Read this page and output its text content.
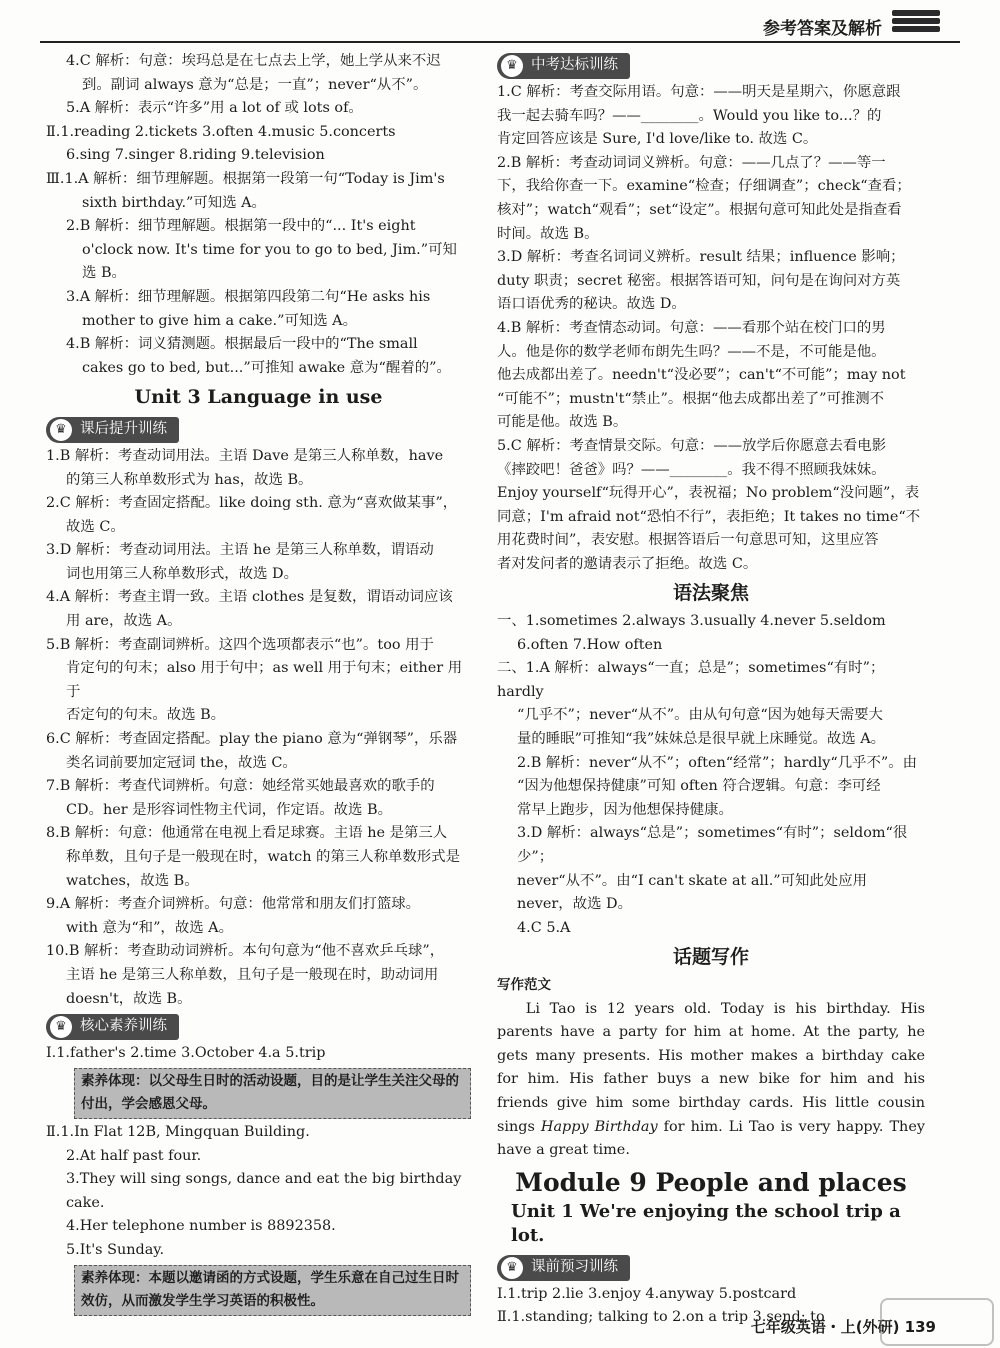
参考答案及解析

4.C 解析：句意：埃玛总是在七点去上学，她上学从来不迟

到。副词 always 意为“总是；一直”；never“从不”。

5.A 解析：表示“许多”用 a lot of 或 lots of。

Ⅱ.1.reading 2.tickets 3.often 4.music 5.concerts

6.sing 7.singer 8.riding 9.television

Ⅲ.1.A 解析：细节理解题。根据第一段第一句“Today is Jim's

sixth birthday.”可知选 A。

2.B 解析：细节理解题。根据第一段中的“... It's eight

o'clock now. It's time for you to go to bed, Jim.”可知

选 B。

3.A 解析：细节理解题。根据第四段第二句“He asks his

mother to give him a cake.”可知选 A。

4.B 解析：词义猜测题。根据最后一段中的“The small

cakes go to bed, but...”可推知 awake 意为“醒着的”。

Unit 3 Language in use
♛ 课后提升训练

1.B 解析：考查动词用法。主语 Dave 是第三人称单数，have

的第三人称单数形式为 has，故选 B。

2.C 解析：考查固定搭配。like doing sth. 意为“喜欢做某事”，

故选 C。

3.D 解析：考查动词用法。主语 he 是第三人称单数，谓语动

词也用第三人称单数形式，故选 D。

4.A 解析：考查主谓一致。主语 clothes 是复数，谓语动词应该

用 are，故选 A。

5.B 解析：考查副词辨析。这四个选项都表示“也”。too 用于

肯定句的句末；also 用于句中；as well 用于句末；either 用于

否定句的句末。故选 B。

6.C 解析：考查固定搭配。play the piano 意为“弹钢琴”，乐器

类名词前要加定冠词 the，故选 C。

7.B 解析：考查代词辨析。句意：她经常买她最喜欢的歌手的

CD。her 是形容词性物主代词，作定语。故选 B。

8.B 解析：句意：他通常在电视上看足球赛。主语 he 是第三人

称单数，且句子是一般现在时，watch 的第三人称单数形式是

watches，故选 B。

9.A 解析：考查介词辨析。句意：他常常和朋友们打篮球。

with 意为“和”，故选 A。

10.B 解析：考查助动词辨析。本句句意为“他不喜欢乒乓球”，

主语 he 是第三人称单数，且句子是一般现在时，助动词用

doesn't，故选 B。

♛ 核心素养训练

Ⅰ.1.father's 2.time 3.October 4.a 5.trip

素养体现：以父母生日时的活动设题，目的是让学生关注父母的付出，学会感恩父母。

Ⅱ.1.In Flat 12B, Mingquan Building.

2.At half past four.

3.They will sing songs, dance and eat the big birthday cake.

4.Her telephone number is 8892358.

5.It's Sunday.

素养体现：本题以邀请函的方式设题，学生乐意在自己过生日时效仿，从而激发学生学习英语的积极性。
♛ 中考达标训练

1.C 解析：考查交际用语。句意：——明天是星期六，你愿意跟

我一起去骑车吗？——________。Would you like to...？的

肯定回答应该是 Sure, I'd love/like to. 故选 C。

2.B 解析：考查动词词义辨析。句意：——几点了？——等一

下，我给你查一下。examine“检查；仔细调查”；check“查看；

核对”；watch“观看”；set“设定”。根据句意可知此处是指查看

时间。故选 B。

3.D 解析：考查名词词义辨析。result 结果；influence 影响；

duty 职责；secret 秘密。根据答语可知，问句是在询问对方英

语口语优秀的秘诀。故选 D。

4.B 解析：考查情态动词。句意：——看那个站在校门口的男

人。他是你的数学老师布朗先生吗？——不是，不可能是他。

他去成都出差了。needn't“没必要”；can't“不可能”；may not

“可能不”；mustn't“禁止”。根据“他去成都出差了”可推测不

可能是他。故选 B。

5.C 解析：考查情景交际。句意：——放学后你愿意去看电影

《摔跤吧！爸爸》吗？——________。我不得不照顾我妹妹。

Enjoy yourself“玩得开心”，表祝福；No problem“没问题”，表

同意；I'm afraid not“恐怕不行”，表拒绝；It takes no time“不

用花费时间”，表安慰。根据答语后一句意思可知，这里应答

者对发问者的邀请表示了拒绝。故选 C。

语法聚焦

一、1.sometimes 2.always 3.usually 4.never 5.seldom

6.often 7.How often

二、1.A 解析：always“一直；总是”；sometimes“有时”；hardly

“几乎不”；never“从不”。由从句句意“因为她每天需要大

量的睡眠”可推知“我”妹妹总是很早就上床睡觉。故选 A。

2.B 解析：never“从不”；often“经常”；hardly“几乎不”。由

“因为他想保持健康”可知 often 符合逻辑。句意：李可经

常早上跑步，因为他想保持健康。

3.D 解析：always“总是”；sometimes“有时”；seldom“很少”；

never“从不”。由“I can't skate at all.”可知此处应用

never，故选 D。

4.C 5.A

话题写作
写作范文

Li Tao is 12 years old. Today is his birthday. His parents have a party for him at home. At the party, he gets many presents. His mother makes a birthday cake for him. His father buys a new bike for him and his friends give him some birthday cards. His little cousin sings Happy Birthday for him. Li Tao is very happy. They have a great time.

Module 9 People and places
Unit 1 We're enjoying the school trip a lot.
♛ 课前预习训练

Ⅰ.1.trip 2.lie 3.enjoy 4.anyway 5.postcard

Ⅱ.1.standing; talking to 2.on a trip 3.send; to

七年级英语・上(外研) 139
